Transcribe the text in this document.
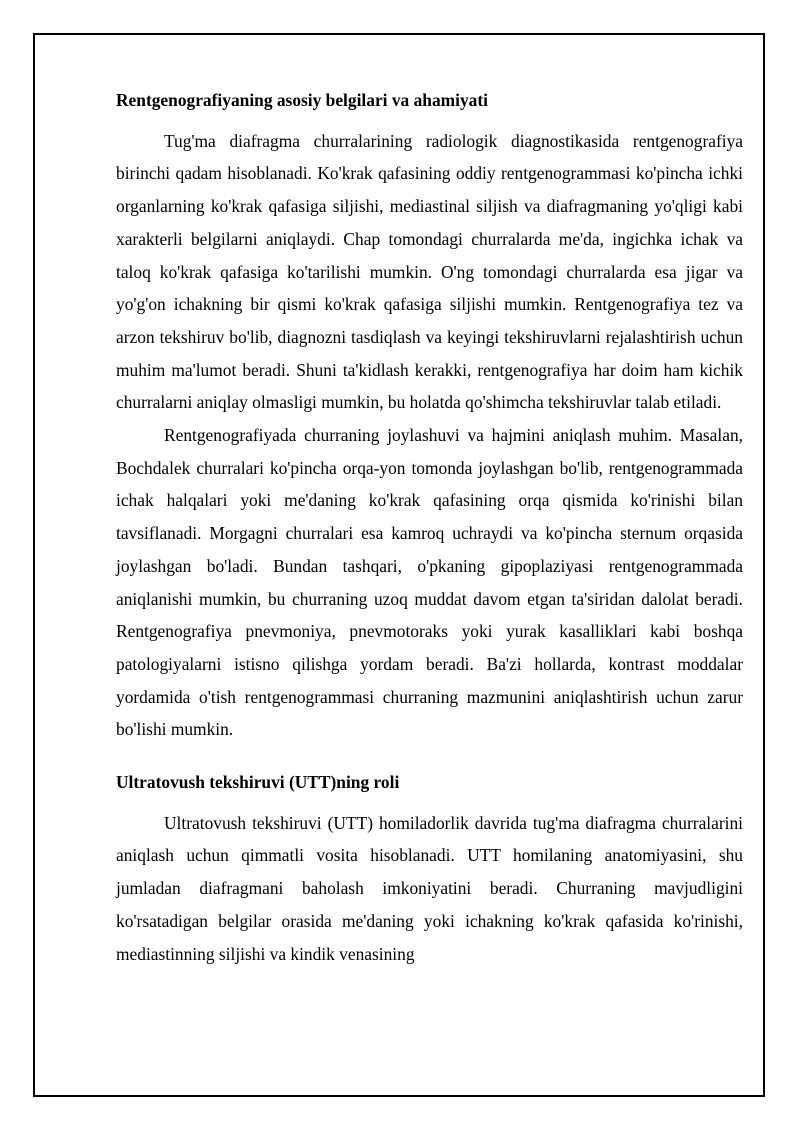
Rentgenografiyaning asosiy belgilari va ahamiyati

Tug'ma diafragma churralarining radiologik diagnostikasida rentgenografiya birinchi qadam hisoblanadi. Ko'krak qafasining oddiy rentgenogrammasi ko'pincha ichki organlarning ko'krak qafasiga siljishi, mediastinal siljish va diafragmaning yo'qligi kabi xarakterli belgilarni aniqlaydi. Chap tomondagi churralarda me'da, ingichka ichak va taloq ko'krak qafasiga ko'tarilishi mumkin. O'ng tomondagi churralarda esa jigar va yo'g'on ichakning bir qismi ko'krak qafasiga siljishi mumkin. Rentgenografiya tez va arzon tekshiruv bo'lib, diagnozni tasdiqlash va keyingi tekshiruvlarni rejalashtirish uchun muhim ma'lumot beradi. Shuni ta'kidlash kerakki, rentgenografiya har doim ham kichik churralarni aniqlay olmasligi mumkin, bu holatda qo'shimcha tekshiruvlar talab etiladi.

Rentgenografiyada churraning joylashuvi va hajmini aniqlash muhim. Masalan, Bochdalek churralari ko'pincha orqa-yon tomonda joylashgan bo'lib, rentgenogrammada ichak halqalari yoki me'daning ko'krak qafasining orqa qismida ko'rinishi bilan tavsiflanadi. Morgagni churralari esa kamroq uchraydi va ko'pincha sternum orqasida joylashgan bo'ladi. Bundan tashqari, o'pkaning gipoplaziyasi rentgenogrammada aniqlanishi mumkin, bu churraning uzoq muddat davom etgan ta'siridan dalolat beradi. Rentgenografiya pnevmoniya, pnevmotoraks yoki yurak kasalliklari kabi boshqa patologiyalarni istisno qilishga yordam beradi. Ba'zi hollarda, kontrast moddalar yordamida o'tish rentgenogrammasi churraning mazmunini aniqlashtirish uchun zarur bo'lishi mumkin.

Ultratovush tekshiruvi (UTT)ning roli

Ultratovush tekshiruvi (UTT) homiladorlik davrida tug'ma diafragma churralarini aniqlash uchun qimmatli vosita hisoblanadi. UTT homilaning anatomiyasini, shu jumladan diafragmani baholash imkoniyatini beradi. Churraning mavjudligini ko'rsatadigan belgilar orasida me'daning yoki ichakning ko'krak qafasida ko'rinishi, mediastinning siljishi va kindik venasining
